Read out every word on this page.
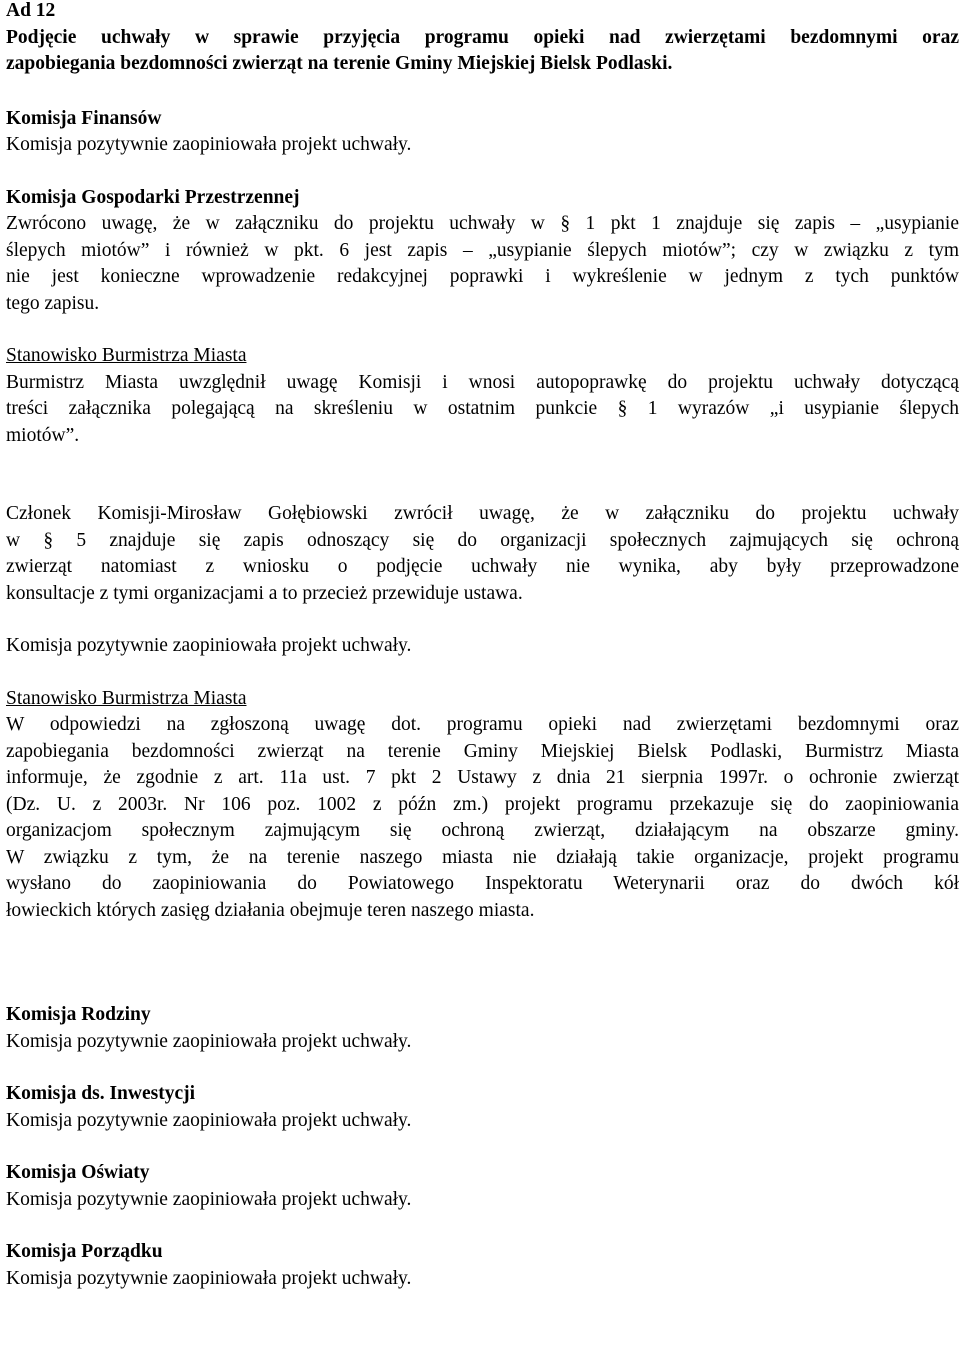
Ad 12
Podjęcie uchwały w sprawie przyjęcia programu opieki nad zwierzętami bezdomnymi oraz
zapobiegania bezdomności zwierząt na terenie Gminy Miejskiej Bielsk Podlaski.
Komisja Finansów
Komisja pozytywnie zaopiniowała projekt uchwały.
Komisja Gospodarki Przestrzennej
Zwrócono uwagę, że w załączniku do projektu uchwały w § 1 pkt 1 znajduje się zapis – „usypianie
ślepych miotów” i również w pkt. 6 jest zapis – „usypianie ślepych miotów”; czy w związku z tym
nie jest konieczne wprowadzenie redakcyjnej poprawki i wykreślenie w jednym z tych punktów
tego zapisu.
Stanowisko Burmistrza Miasta
Burmistrz Miasta uwzględnił uwagę Komisji i wnosi autopoprawkę do projektu uchwały dotyczącą
treści załącznika polegającą na skreśleniu w ostatnim punkcie § 1 wyrazów „i usypianie ślepych
miotów”.
Członek Komisji-Mirosław Gołębiowski zwrócił uwagę, że w załączniku do projektu uchwały
w § 5 znajduje się zapis odnoszący się do organizacji społecznych zajmujących się ochroną
zwierząt natomiast z wniosku o podjęcie uchwały nie wynika, aby były przeprowadzone
konsultacje z tymi organizacjami a to przecież przewiduje ustawa.
Komisja pozytywnie zaopiniowała projekt uchwały.
Stanowisko Burmistrza Miasta
W odpowiedzi na zgłoszoną uwagę dot. programu opieki nad zwierzętami bezdomnymi oraz
zapobiegania bezdomności zwierząt na terenie Gminy Miejskiej Bielsk Podlaski, Burmistrz Miasta
informuje, że zgodnie z art. 11a ust. 7 pkt 2 Ustawy z dnia 21 sierpnia 1997r. o ochronie zwierząt
(Dz. U. z 2003r. Nr 106 poz. 1002 z późn zm.) projekt programu przekazuje się do zaopiniowania
organizacjom społecznym zajmującym się ochroną zwierząt, działającym na obszarze gminy.
W związku z tym, że na terenie naszego miasta nie działają takie organizacje, projekt programu
wysłano do zaopiniowania do Powiatowego Inspektoratu Weterynarii oraz do dwóch kół
łowieckich których zasięg działania obejmuje teren naszego miasta.
Komisja Rodziny
Komisja pozytywnie zaopiniowała projekt uchwały.
Komisja ds. Inwestycji
Komisja pozytywnie zaopiniowała projekt uchwały.
Komisja Oświaty
Komisja pozytywnie zaopiniowała projekt uchwały.
Komisja Porządku
Komisja pozytywnie zaopiniowała projekt uchwały.
